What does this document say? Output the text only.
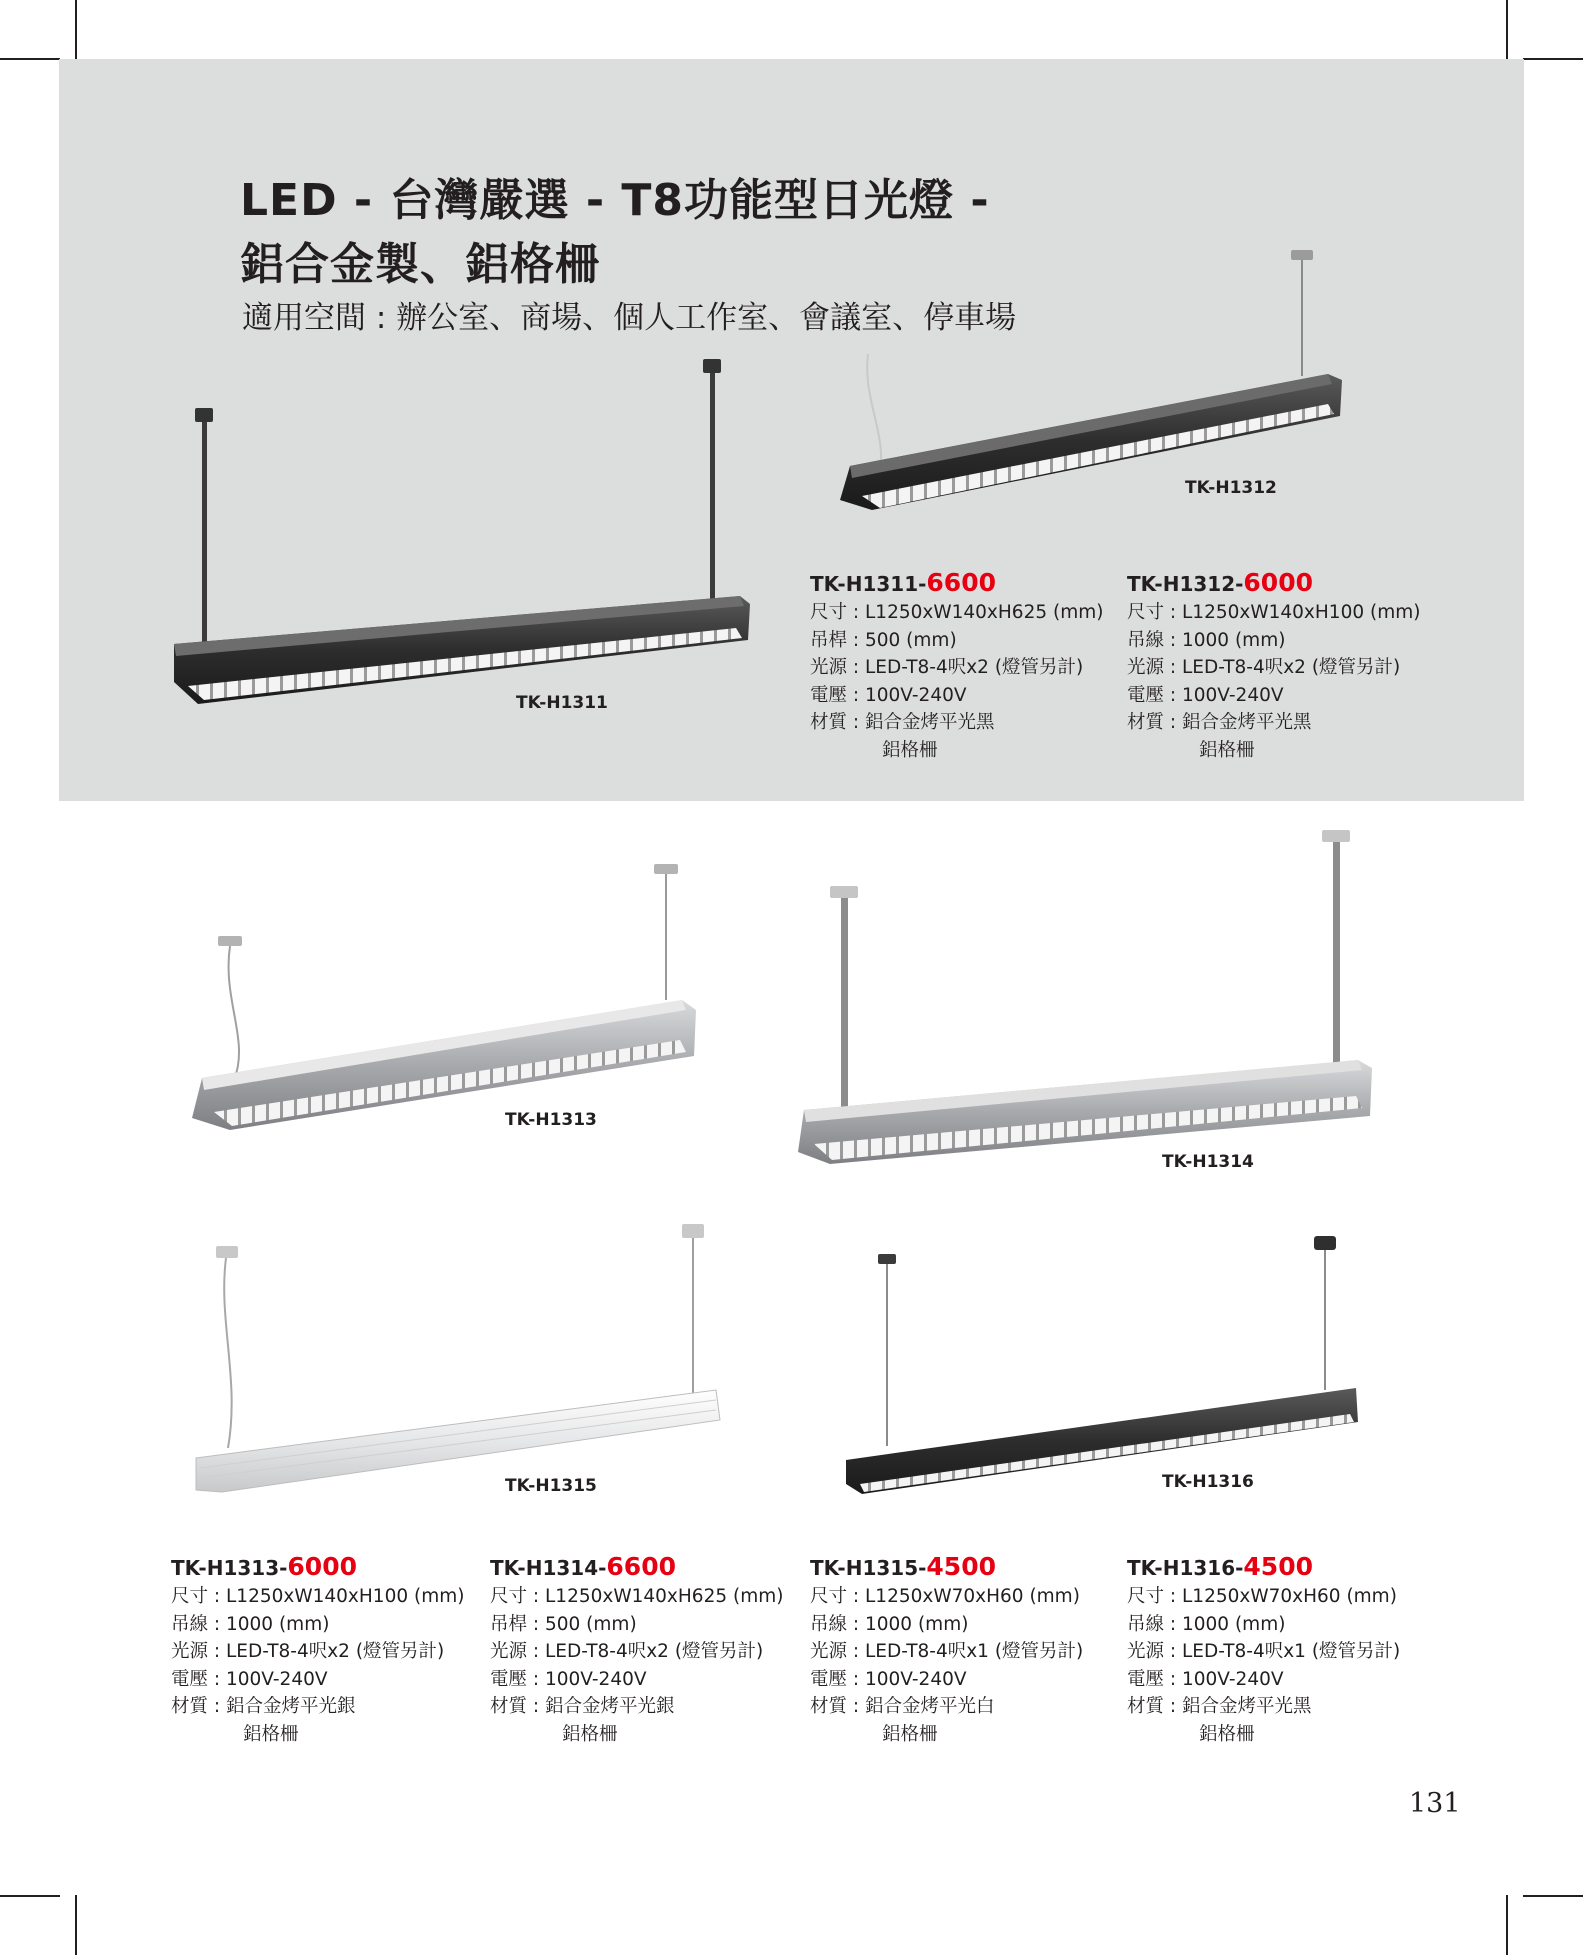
LED - 台灣嚴選 - T8功能型日光燈 -
鋁合金製、鋁格柵
適用空間 : 辦公室、商場、個人工作室、會議室、停車場
TK-H1311
TK-H1312
TK-H1313
TK-H1314
TK-H1315	TK-H1316
TK-H1311-6600
尺寸 : L1250xW140xH625 (mm)
吊桿 : 500 (mm)
光源 : LED-T8-4呎x2 (燈管另計)
電壓 : 100V-240V
材質 : 鋁合金烤平光黑
鋁格柵
TK-H1312-6000
尺寸 : L1250xW140xH100 (mm)
吊線 : 1000 (mm)
光源 : LED-T8-4呎x2 (燈管另計)
電壓 : 100V-240V
材質 : 鋁合金烤平光黑
鋁格柵
TK-H1313-6000
尺寸 : L1250xW140xH100 (mm)
吊線 : 1000 (mm)
光源 : LED-T8-4呎x2 (燈管另計)
電壓 : 100V-240V
材質 : 鋁合金烤平光銀
鋁格柵
TK-H1314-6600
尺寸 : L1250xW140xH625 (mm)
吊桿 : 500 (mm)
光源 : LED-T8-4呎x2 (燈管另計)
電壓 : 100V-240V
材質 : 鋁合金烤平光銀
鋁格柵
TK-H1315-4500
尺寸 : L1250xW70xH60 (mm)
吊線 : 1000 (mm)
光源 : LED-T8-4呎x1 (燈管另計)
電壓 : 100V-240V
材質 : 鋁合金烤平光白
鋁格柵
TK-H1316-4500
尺寸 : L1250xW70xH60 (mm)
吊線 : 1000 (mm)
光源 : LED-T8-4呎x1 (燈管另計)
電壓 : 100V-240V
材質 : 鋁合金烤平光黑
鋁格柵
131
